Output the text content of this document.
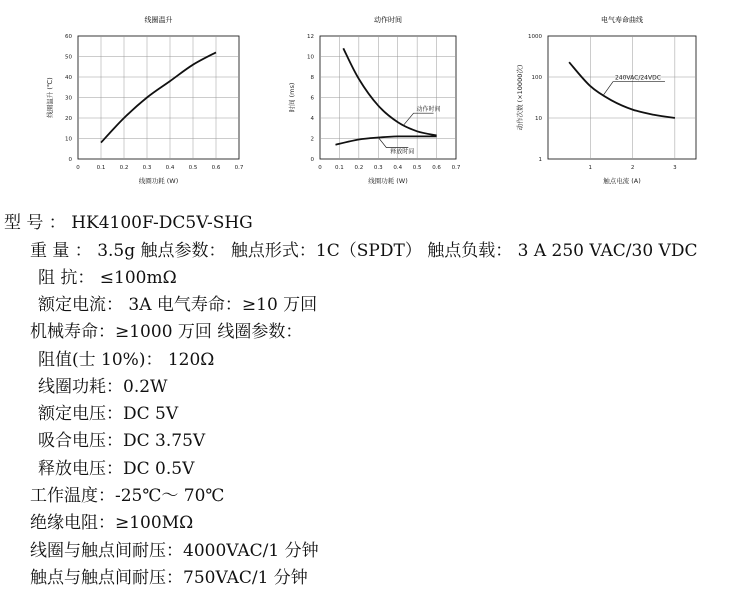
线圈温升
0
10
20
30
40
50
60
0	0.1	0.2	0.3	0.4	0.5	0.6	0.7
线圈功耗 (W)
线圈温升 (℃)
动作时间
0
2
4
6
8
10
12
0 0.1 0.2 0.3 0.4 0.5 0.6 0.7
线圈功耗 (W)
时间 (ms)
电气寿命曲线
1
10
100
1000
1	2	3
触点电流 (A)
动作次数 (×10000次)
动作时间
释放时间
240VAC/24VDC
型 号 ： HK4100F-DC5V-SHG
重 量 ： 3.5g 触点参数： 触点形式：1C（SPDT） 触点负载： 3 A 250 VAC/30 VDC
阻 抗： ≤100mΩ
额定电流： 3A 电气寿命：≥10 万回
机械寿命：≥1000 万回 线圈参数：
阻值(士 10%)： 120Ω
线圈功耗：0.2W
额定电压：DC 5V
吸合电压：DC 3.75V
释放电压：DC 0.5V
工作温度：-25℃～ 70℃
绝缘电阻：≥100MΩ
线圈与触点间耐压：4000VAC/1 分钟
触点与触点间耐压：750VAC/1 分钟
